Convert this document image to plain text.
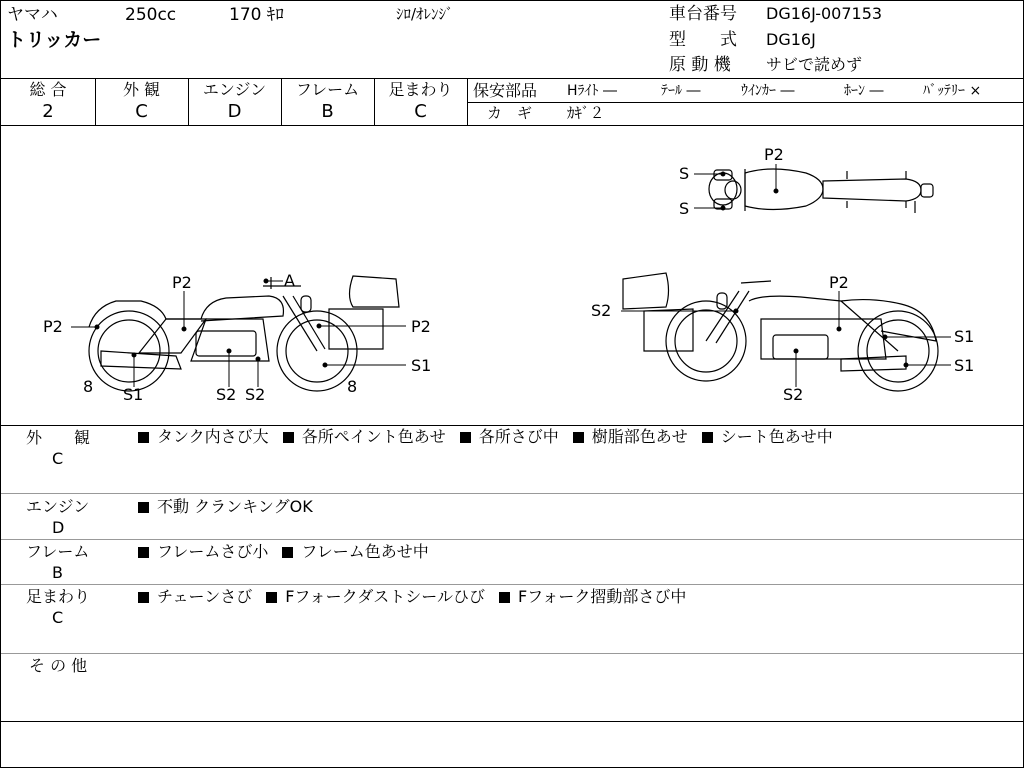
ヤマハ	250cc	170 ｷﾛ	ｼﾛ/ｵﾚﾝｼﾞ
トリッカー
車台番号 DG16J-007153
型　　式 DG16J
原 動 機 サビで読めず
総 合
2
外 観
C
エンジン
D
フレーム
B
足まわり
C
保安部品 Hﾗｲﾄ ―	ﾃｰﾙ ―	ｳｲﾝｶｰ ―	ﾎｰﾝ ―	ﾊﾞｯﾃﾘｰ ×
カ　ギ ｶｷﾞ２
P2
S
S
P2
P2	A
P2
S1
8	8
S1	S2 S2
P2
S2
S1
S1
S2
外　　観
C
タンク内さび大 各所ペイント色あせ 各所さび中 樹脂部色あせ シート色あせ中
エンジン
D
不動 クランキングOK
フレーム
B
フレームさび小 フレーム色あせ中
足まわり
C
チェーンさび Fフォークダストシールひび Fフォーク摺動部さび中
そ の 他
